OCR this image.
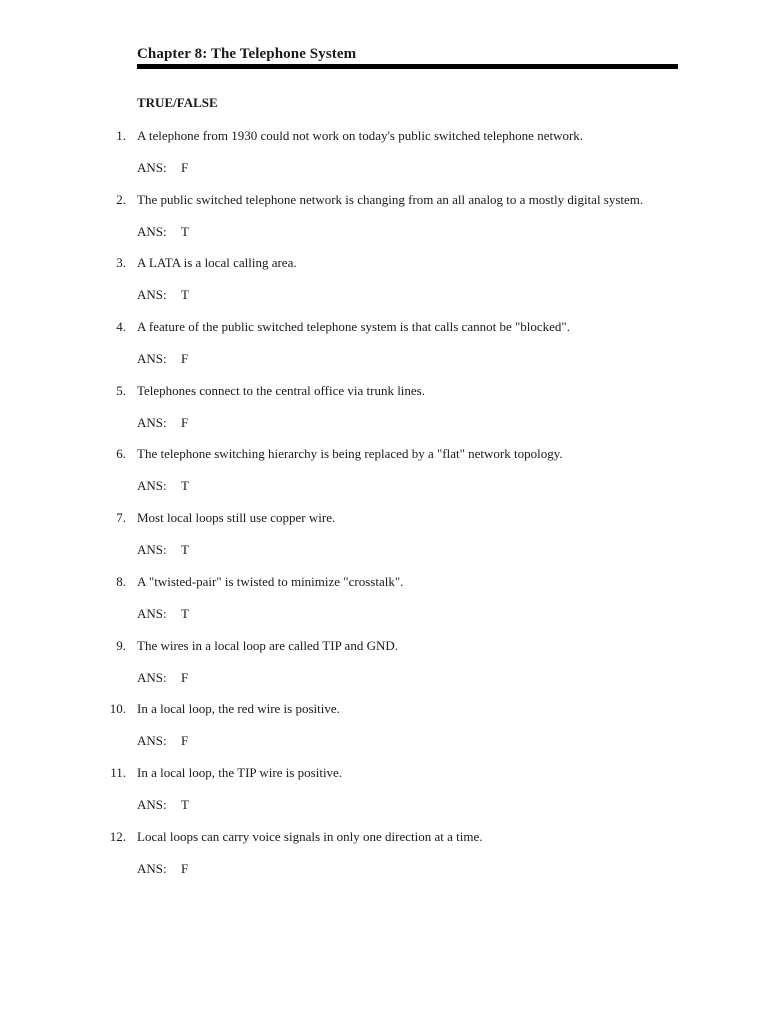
Chapter 8: The Telephone System
TRUE/FALSE
1. A telephone from 1930 could not work on today's public switched telephone network.
ANS: F
2. The public switched telephone network is changing from an all analog to a mostly digital system.
ANS: T
3. A LATA is a local calling area.
ANS: T
4. A feature of the public switched telephone system is that calls cannot be "blocked".
ANS: F
5. Telephones connect to the central office via trunk lines.
ANS: F
6. The telephone switching hierarchy is being replaced by a "flat" network topology.
ANS: T
7. Most local loops still use copper wire.
ANS: T
8. A "twisted-pair" is twisted to minimize "crosstalk".
ANS: T
9. The wires in a local loop are called TIP and GND.
ANS: F
10. In a local loop, the red wire is positive.
ANS: F
11. In a local loop, the TIP wire is positive.
ANS: T
12. Local loops can carry voice signals in only one direction at a time.
ANS: F
